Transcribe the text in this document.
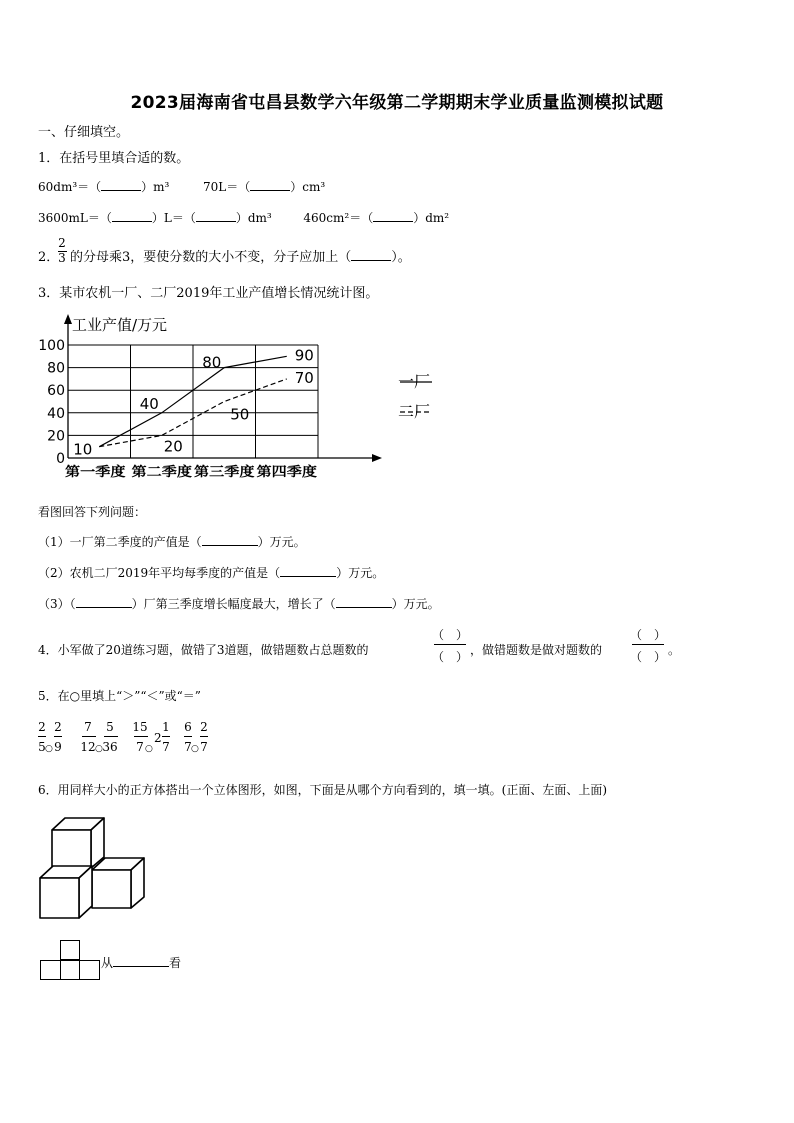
2023届海南省屯昌县数学六年级第二学期期末学业质量监测模拟试题
一、仔细填空。
1．在括号里填合适的数。
60dm³＝（	）m³	70L＝（	）cm³
3600mL＝（	）L＝（	）dm³	460cm²＝（	）dm²
2．
2
3 的分母乘3，要使分数的大小不变，分子应加上（	）。
3．某市农机一厂、二厂2019年工业产值增长情况统计图。
0
20
40
60
80
100
工业产值/万元
第一季度	第二季度 第三季度 第四季度
10
40
80	90
20
50
70	一厂
二厂
看图回答下列问题：
（1）一厂第二季度的产值是（	）万元。
（2）农机二厂2019年平均每季度的产值是（	）万元。
（3）（	）厂第三季度增长幅度最大，增长了（	）万元。
4．小军做了20道练习题，做错了3道题，做错题数占总题数的
（　）
（　） ，做错题数是做对题数的
（　）
（　） 。
5．在○里填上“＞”“＜”或“＝”
2
5 ○
2
9
7
12 ○
5
36
15
7 ○
2
1
7
6
7 ○
2
7
6．用同样大小的正方体搭出一个立体图形，如图，下面是从哪个方向看到的，填一填。(正面、左面、上面)
从	看
